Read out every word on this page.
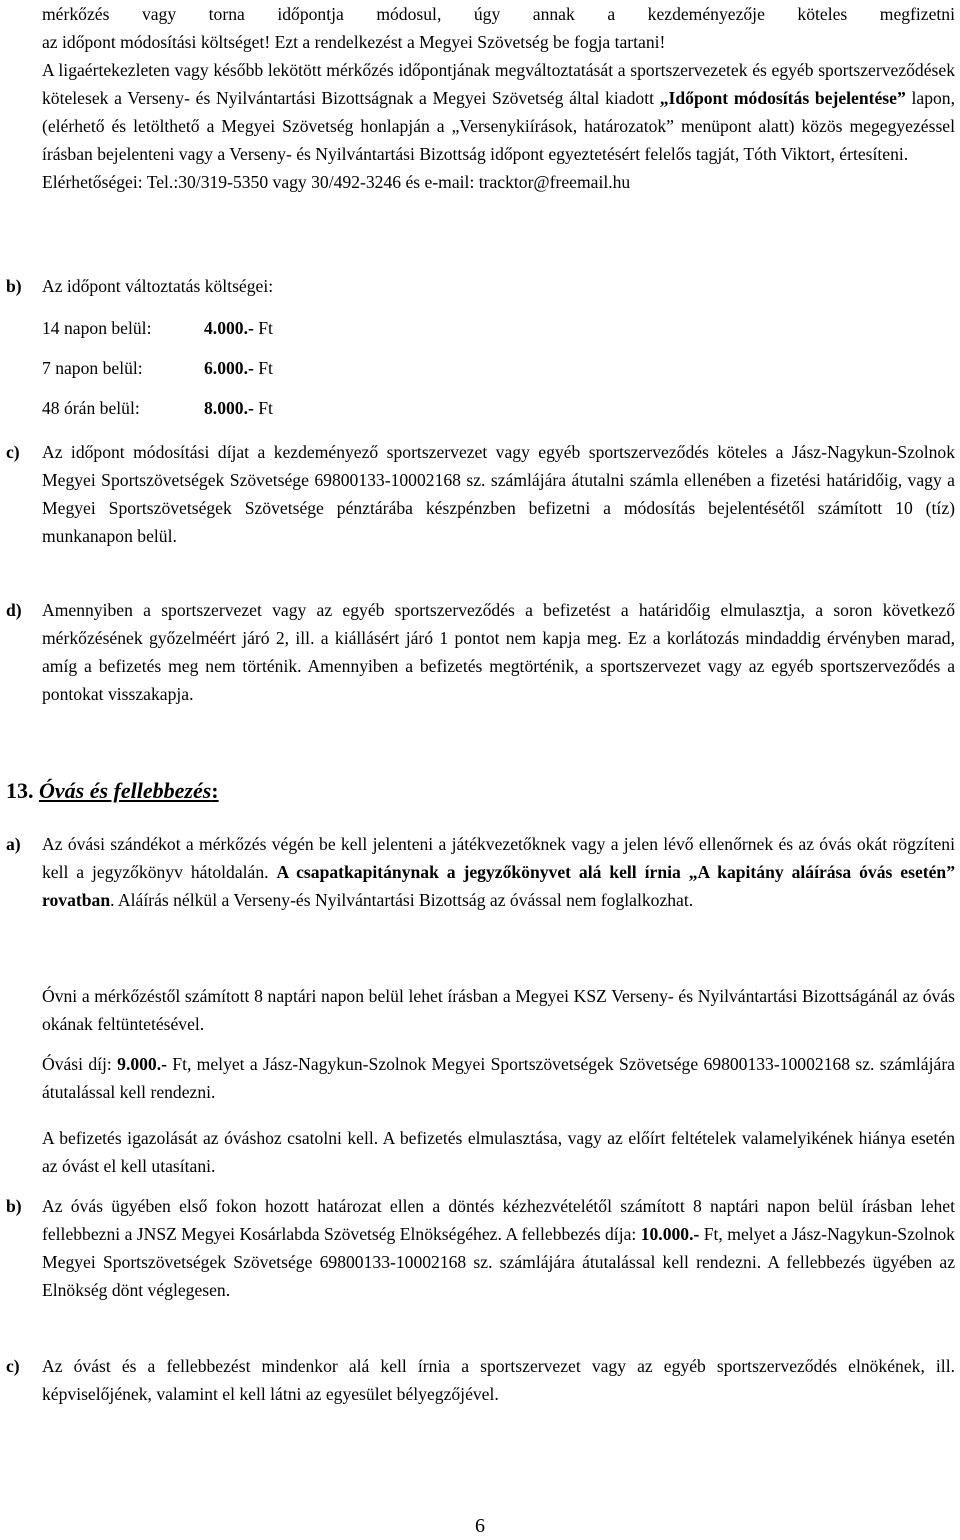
mérkőzés vagy torna időpontja módosul, úgy annak a kezdeményezője köteles megfizetni

az időpont módosítási költséget! Ezt a rendelkezést a Megyei Szövetség be fogja tartani!

A ligaértekezleten vagy később lekötött mérkőzés időpontjának megváltoztatását a sportszervezetek és egyéb sportszerveződések kötelesek a Verseny- és Nyilvántartási Bizottságnak a Megyei Szövetség által kiadott „Időpont módosítás bejelentése” lapon, (elérhető és letölthető a Megyei Szövetség honlapján a „Versenykiírások, határozatok” menüpont alatt) közös megegyezéssel írásban bejelenteni vagy a Verseny- és Nyilvántartási Bizottság időpont egyeztetésért felelős tagját, Tóth Viktort, értesíteni.

Elérhetőségei: Tel.:30/319-5350 vagy 30/492-3246 és e-mail: tracktor@freemail.hu

b) Az időpont változtatás költségei:

14 napon belül:	4.000.- Ft
7 napon belül:	6.000.- Ft
48 órán belül:	8.000.- Ft
c) Az időpont módosítási díjat a kezdeményező sportszervezet vagy egyéb sportszerveződés köteles a Jász-Nagykun-Szolnok Megyei Sportszövetségek Szövetsége 69800133-10002168 sz. számlájára átutalni számla ellenében a fizetési határidőig, vagy a Megyei Sportszövetségek Szövetsége pénztárába készpénzben befizetni a módosítás bejelentésétől számított 10 (tíz) munkanapon belül.

d) Amennyiben a sportszervezet vagy az egyéb sportszerveződés a befizetést a határidőig elmulasztja, a soron következő mérkőzésének győzelméért járó 2, ill. a kiállásért járó 1 pontot nem kapja meg. Ez a korlátozás mindaddig érvényben marad, amíg a befizetés meg nem történik. Amennyiben a befizetés megtörténik, a sportszervezet vagy az egyéb sportszerveződés a pontokat visszakapja.

13. Óvás és fellebbezés:
a) Az óvási szándékot a mérkőzés végén be kell jelenteni a játékvezetőknek vagy a jelen lévő ellenőrnek és az óvás okát rögzíteni kell a jegyzőkönyv hátoldalán. A csapatkapitánynak a jegyzőkönyvet alá kell írnia „A kapitány aláírása óvás esetén” rovatban. Aláírás nélkül a Verseny-és Nyilvántartási Bizottság az óvással nem foglalkozhat.

Óvni a mérkőzéstől számított 8 naptári napon belül lehet írásban a Megyei KSZ Verseny- és Nyilvántartási Bizottságánál az óvás okának feltüntetésével.

Óvási díj: 9.000.- Ft, melyet a Jász-Nagykun-Szolnok Megyei Sportszövetségek Szövetsége 69800133-10002168 sz. számlájára átutalással kell rendezni.

A befizetés igazolását az óváshoz csatolni kell. A befizetés elmulasztása, vagy az előírt feltételek valamelyikének hiánya esetén az óvást el kell utasítani.

b) Az óvás ügyében első fokon hozott határozat ellen a döntés kézhezvételétől számított 8 naptári napon belül írásban lehet fellebbezni a JNSZ Megyei Kosárlabda Szövetség Elnökségéhez. A fellebbezés díja: 10.000.- Ft, melyet a Jász-Nagykun-Szolnok Megyei Sportszövetségek Szövetsége 69800133-10002168 sz. számlájára átutalással kell rendezni. A fellebbezés ügyében az Elnökség dönt véglegesen.

c) Az óvást és a fellebbezést mindenkor alá kell írnia a sportszervezet vagy az egyéb sportszerveződés elnökének, ill. képviselőjének, valamint el kell látni az egyesület bélyegzőjével.

6
